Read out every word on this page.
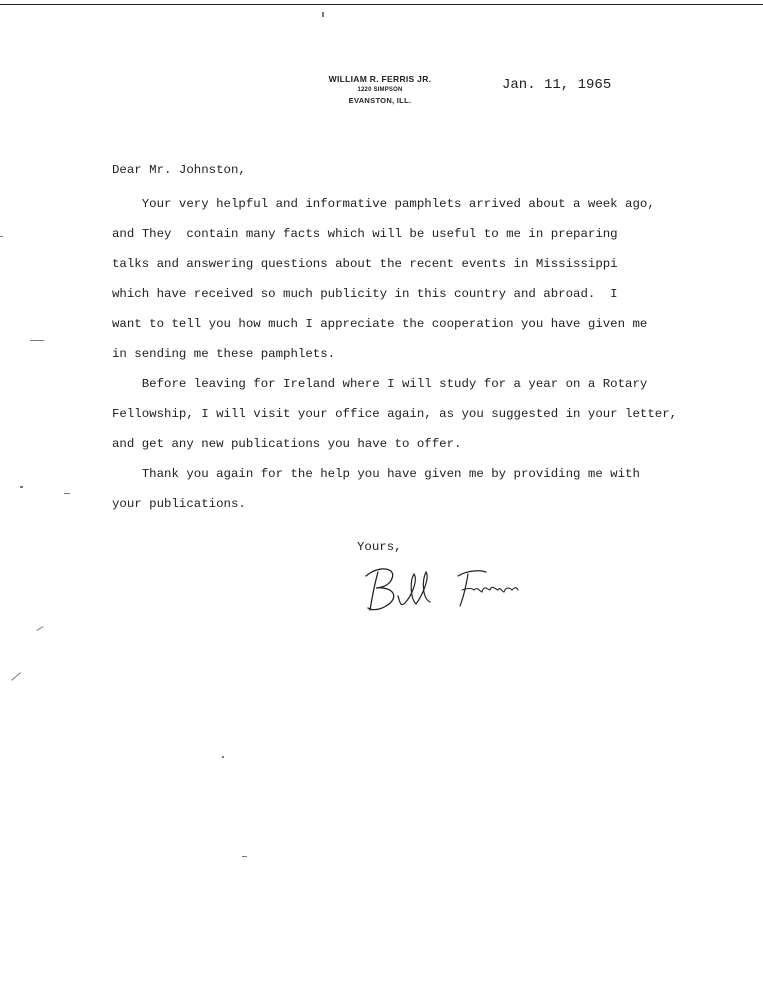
WILLIAM R. FERRIS JR.
1220 SIMPSON
EVANSTON, ILL.
Jan. 11, 1965
Dear Mr. Johnston,
Your very helpful and informative pamphlets arrived about a week ago,
and They  contain many facts which will be useful to me in preparing
talks and answering questions about the recent events in Mississippi
which have received so much publicity in this country and abroad.  I
want to tell you how much I appreciate the cooperation you have given me
in sending me these pamphlets.
Before leaving for Ireland where I will study for a year on a Rotary
Fellowship, I will visit your office again, as you suggested in your letter,
and get any new publications you have to offer.
Thank you again for the help you have given me by providing me with
your publications.
Yours,
